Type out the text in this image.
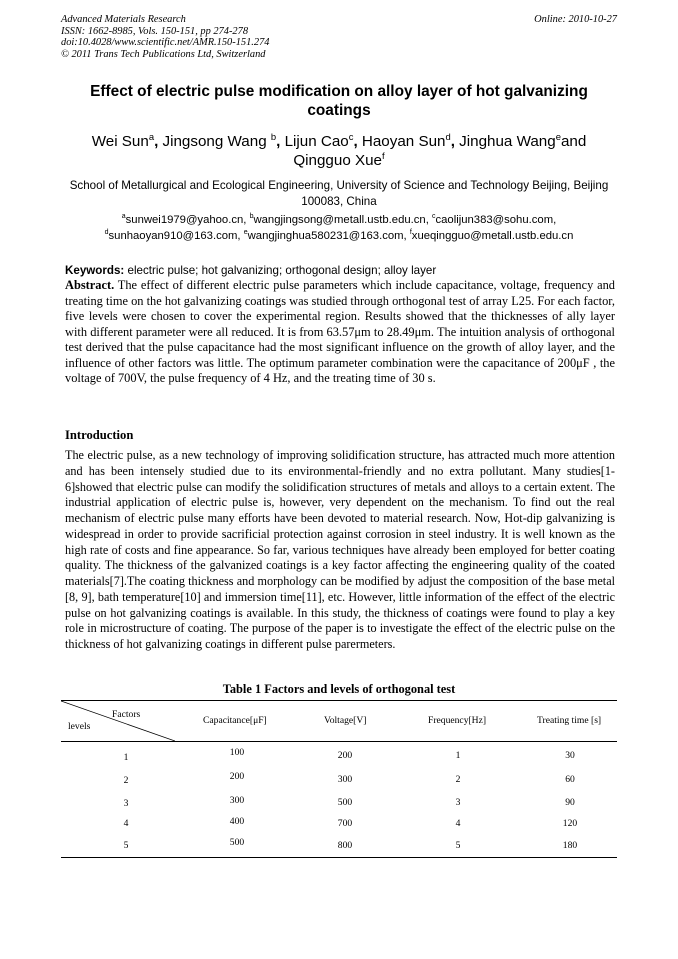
Advanced Materials Research
ISSN: 1662-8985, Vols. 150-151, pp 274-278
doi:10.4028/www.scientific.net/AMR.150-151.274
© 2011 Trans Tech Publications Ltd, Switzerland
Online: 2010-10-27
Effect of electric pulse modification on alloy layer of hot galvanizing coatings
Wei Sun$^a$, Jingsong Wang $^b$, Lijun Cao$^c$, Haoyan Sun$^d$, Jinghua Wang$^e$and
Qingguo Xue$^f$
School of Metallurgical and Ecological Engineering, University of Science and Technology Beijing, Beijing 100083, China
$^a$sunwei1979@yahoo.cn, $^b$wangjingsong@metall.ustb.edu.cn, $^c$caolijun383@sohu.com,
$^d$sunhaoyan910@163.com, $^e$wangjinghua580231@163.com, $^f$xueqingguo@metall.ustb.edu.cn
Keywords: electric pulse; hot galvanizing; orthogonal design; alloy layer
Abstract. The effect of different electric pulse parameters which include capacitance, voltage, frequency and treating time on the hot galvanizing coatings was studied through orthogonal test of array L25. For each factor, five levels were chosen to cover the experimental region. Results showed that the thicknesses of ally layer with different parameter were all reduced. It is from 63.57μm to 28.49μm. The intuition analysis of orthogonal test derived that the pulse capacitance had the most significant influence on the growth of alloy layer, and the influence of other factors was little. The optimum parameter combination were the capacitance of 200μF , the voltage of 700V, the pulse frequency of 4 Hz, and the treating time of 30 s.
Introduction
The electric pulse, as a new technology of improving solidification structure, has attracted much more attention and has been intensely studied due to its environmental-friendly and no extra pollutant. Many studies[1-6]showed that electric pulse can modify the solidification structures of metals and alloys to a certain extent. The industrial application of electric pulse is, however, very dependent on the mechanism. To find out the real mechanism of electric pulse many efforts have been devoted to material research. Now, Hot-dip galvanizing is widespread in order to provide sacrificial protection against corrosion in steel industry. It is well known as the high rate of costs and fine appearance. So far, various techniques have already been employed for better coating quality. The thickness of the galvanized coatings is a key factor affecting the engineering quality of the coated materials[7].The coating thickness and morphology can be modified by adjust the composition of the base metal [8, 9], bath temperature[10] and immersion time[11], etc. However, little information of the effect of the electric pulse on hot galvanizing coatings is available. In this study, the thickness of coatings were found to play a key role in microstructure of coating. The purpose of the paper is to investigate the effect of the electric pulse on the thickness of hot galvanizing coatings in different pulse parermeters.
Table 1 Factors and levels of orthogonal test
Factors
levels
Capacitance[μF]	Voltage[V]	Frequency[Hz]	Treating time [s]
1	100	200	1	30
2	200	300	2	60
3	300	500	3	90
4	400	700	4	120
5	500	800	5	180
